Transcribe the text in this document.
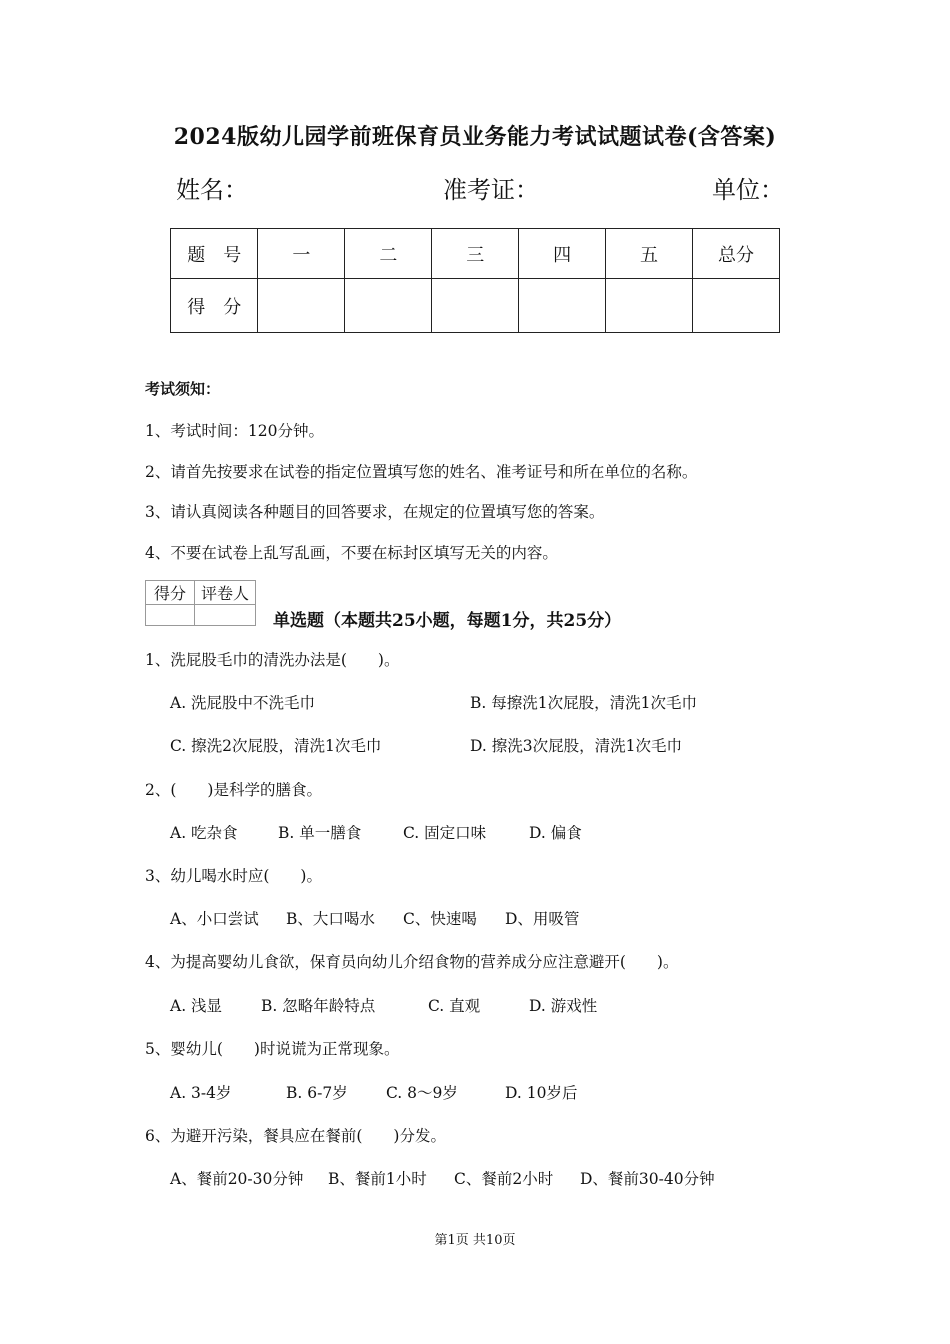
2024版幼儿园学前班保育员业务能力考试试题试卷(含答案)
姓名：	准考证：	单位：
题　号	一	二	三	四	五	总分
得　分						
考试须知：
1、考试时间：120分钟。
2、请首先按要求在试卷的指定位置填写您的姓名、准考证号和所在单位的名称。
3、请认真阅读各种题目的回答要求，在规定的位置填写您的答案。
4、不要在试卷上乱写乱画，不要在标封区填写无关的内容。
得分	评卷人

单选题（本题共25小题，每题1分，共25分）
1、洗屁股毛巾的清洗办法是(　　)。
A. 洗屁股中不洗毛巾	B. 每擦洗1次屁股，清洗1次毛巾
C. 擦洗2次屁股，清洗1次毛巾	D. 擦洗3次屁股，清洗1次毛巾
2、(　　)是科学的膳食。
A. 吃杂食	B. 单一膳食	C. 固定口味	D. 偏食
3、幼儿喝水时应(　　)。
A、小口尝试 B、大口喝水 C、快速喝 D、用吸管
4、为提高婴幼儿食欲，保育员向幼儿介绍食物的营养成分应注意避开(　　)。
A. 浅显	B. 忽略年龄特点	C. 直观	D. 游戏性
5、婴幼儿(　　)时说谎为正常现象。
A. 3-4岁	B. 6-7岁 C. 8～9岁	D. 10岁后
6、为避开污染，餐具应在餐前(　　)分发。
A、餐前20-30分钟 B、餐前1小时 C、餐前2小时 D、餐前30-40分钟
第1页 共10页
